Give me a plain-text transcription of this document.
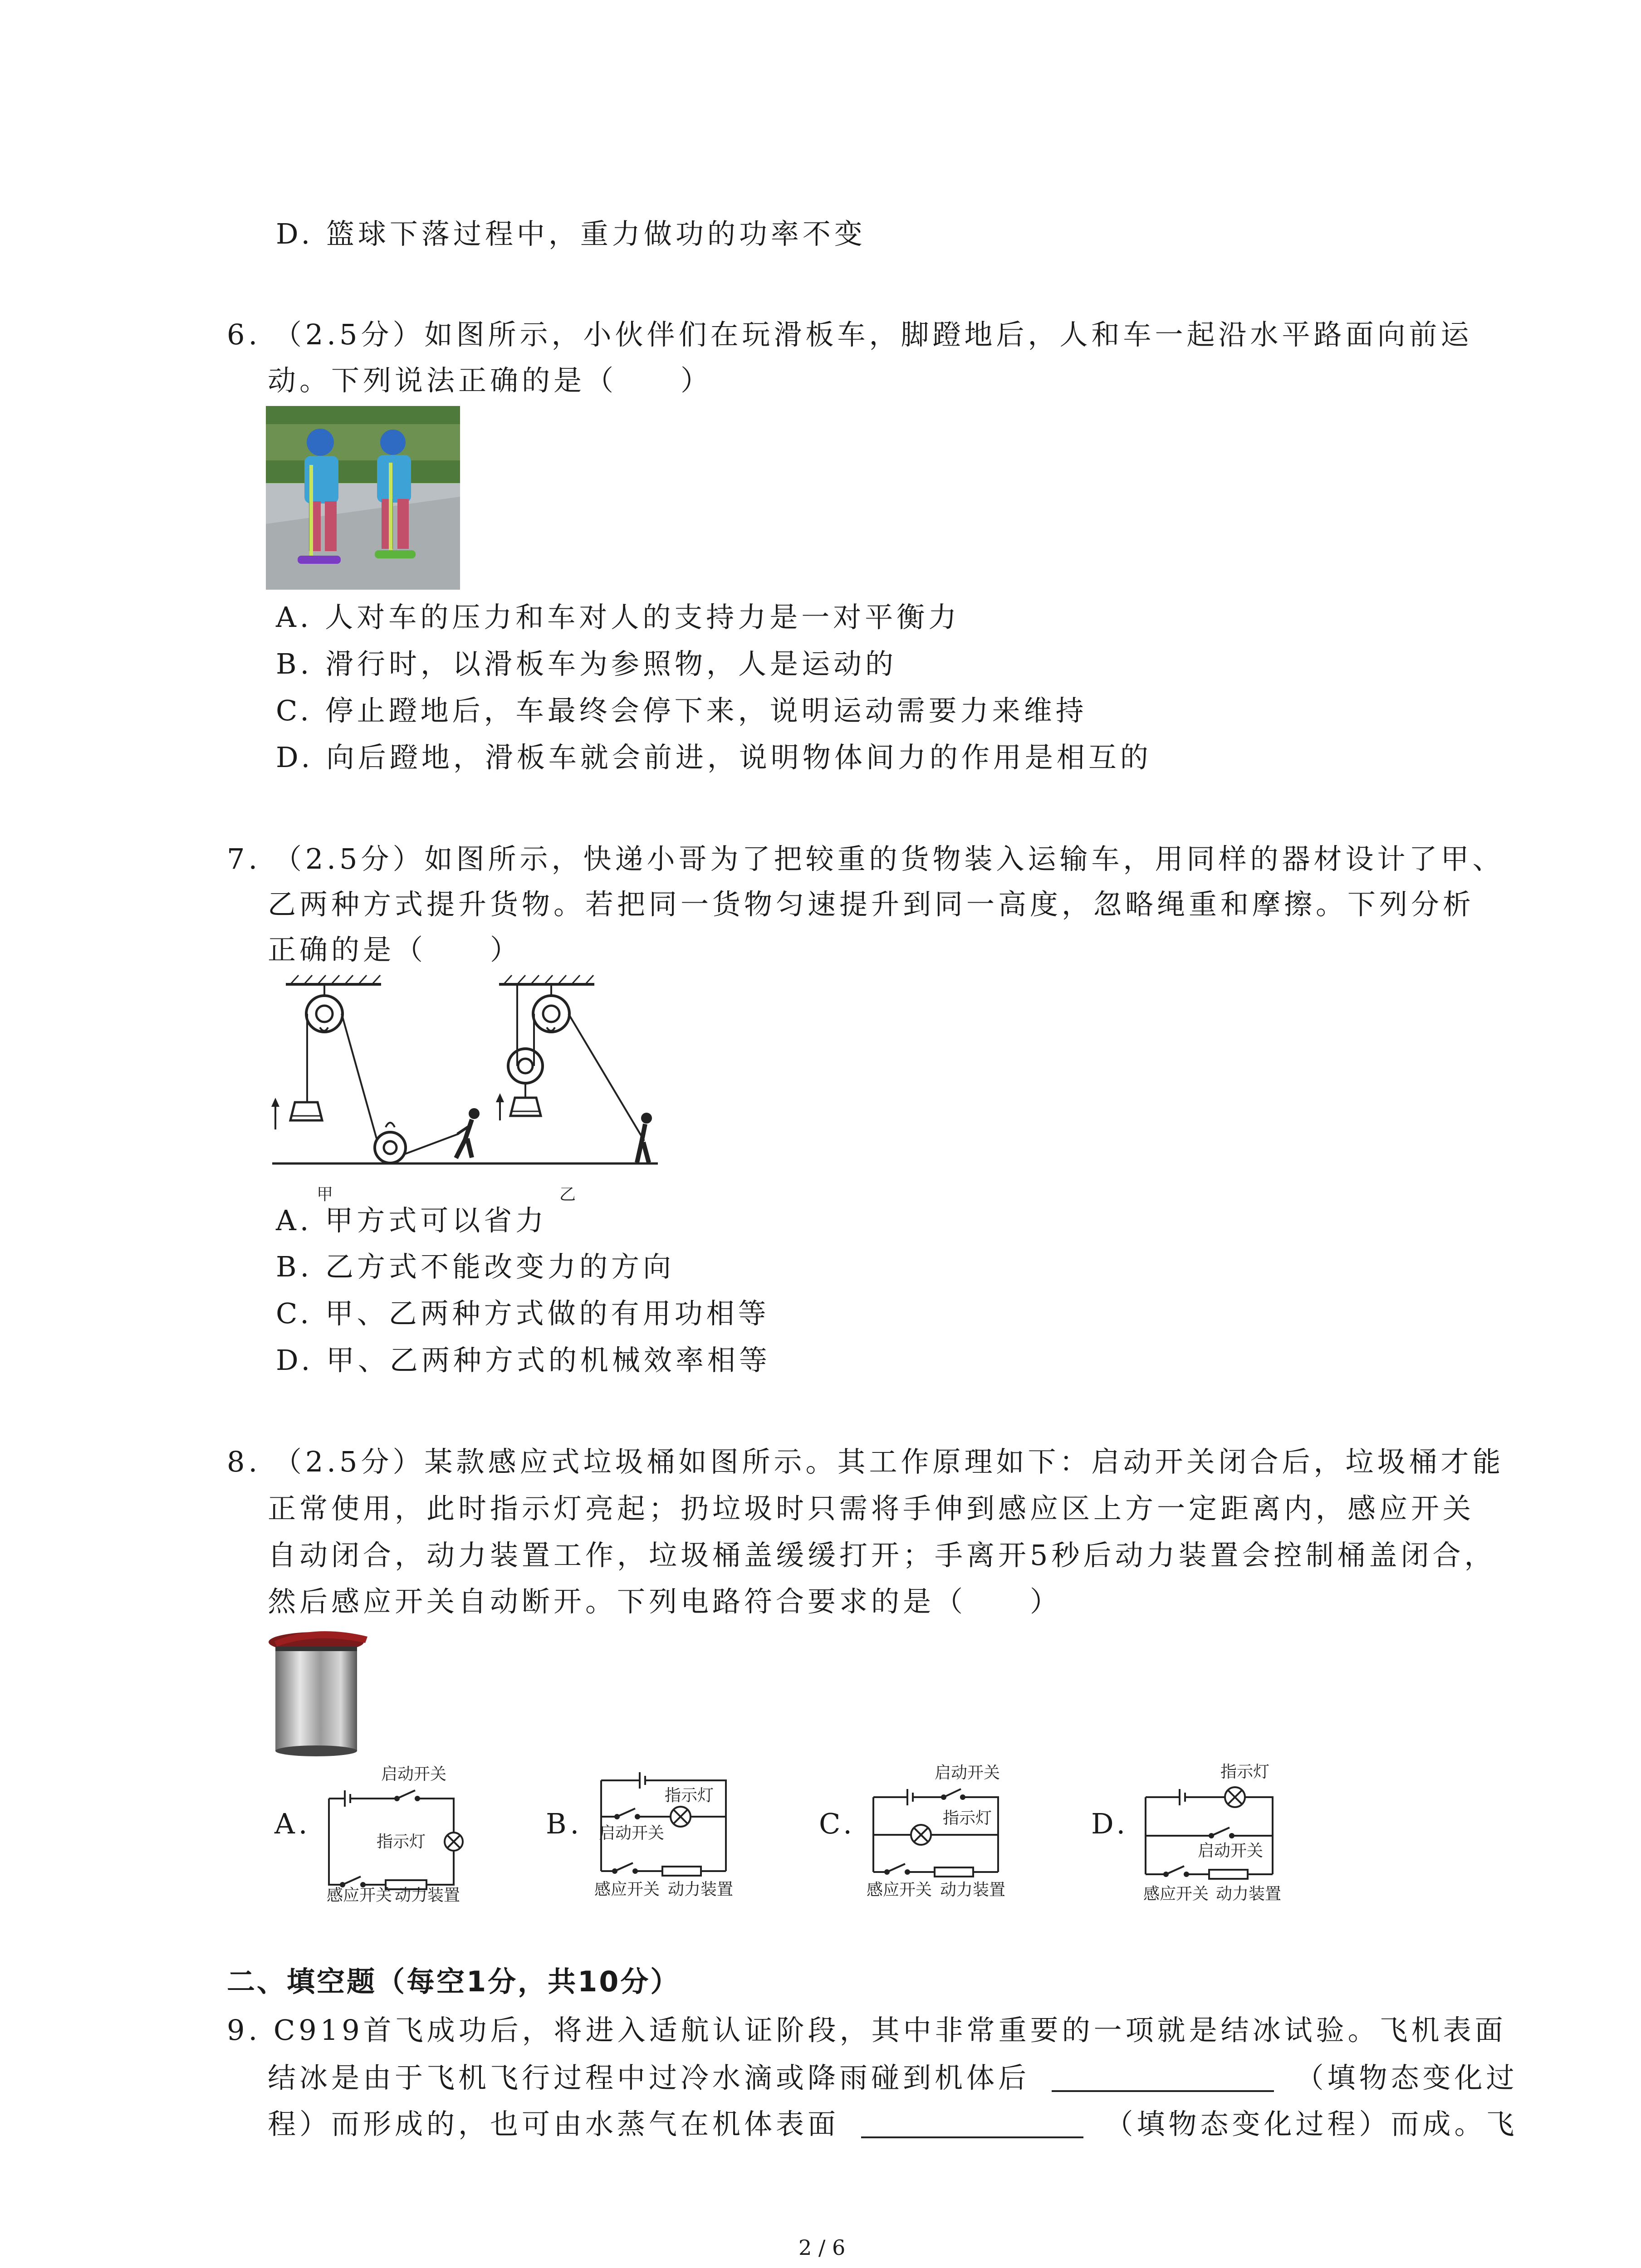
D. 篮球下落过程中，重力做功的功率不变
6. （2.5分）如图所示，小伙伴们在玩滑板车，脚蹬地后，人和车一起沿水平路面向前运
动。下列说法正确的是（　　）
A. 人对车的压力和车对人的支持力是一对平衡力
B. 滑行时，以滑板车为参照物，人是运动的
C. 停止蹬地后，车最终会停下来，说明运动需要力来维持
D. 向后蹬地，滑板车就会前进，说明物体间力的作用是相互的
7. （2.5分）如图所示，快递小哥为了把较重的货物装入运输车，用同样的器材设计了甲、
乙两种方式提升货物。若把同一货物匀速提升到同一高度，忽略绳重和摩擦。下列分析
正确的是（　　）
甲	乙
A. 甲方式可以省力
B. 乙方式不能改变力的方向
C. 甲、乙两种方式做的有用功相等
D. 甲、乙两种方式的机械效率相等
8. （2.5分）某款感应式垃圾桶如图所示。其工作原理如下：启动开关闭合后，垃圾桶才能
正常使用，此时指示灯亮起；扔垃圾时只需将手伸到感应区上方一定距离内，感应开关
自动闭合，动力装置工作，垃圾桶盖缓缓打开；手离开5秒后动力装置会控制桶盖闭合，
然后感应开关自动断开。下列电路符合要求的是（　　）
A.
启动开关
指示灯
感应开关 动力装置
B.
指示灯
启动开关
感应开关 动力装置
C.
启动开关
指示灯
感应开关 动力装置
D.
指示灯
启动开关
感应开关 动力装置
二、填空题（每空1分，共10分）
9. C919首飞成功后，将进入适航认证阶段，其中非常重要的一项就是结冰试验。飞机表面
结冰是由于飞机飞行过程中过冷水滴或降雨碰到机体后	（填物态变化过
程）而形成的，也可由水蒸气在机体表面	（填物态变化过程）而成。飞
2 / 6
